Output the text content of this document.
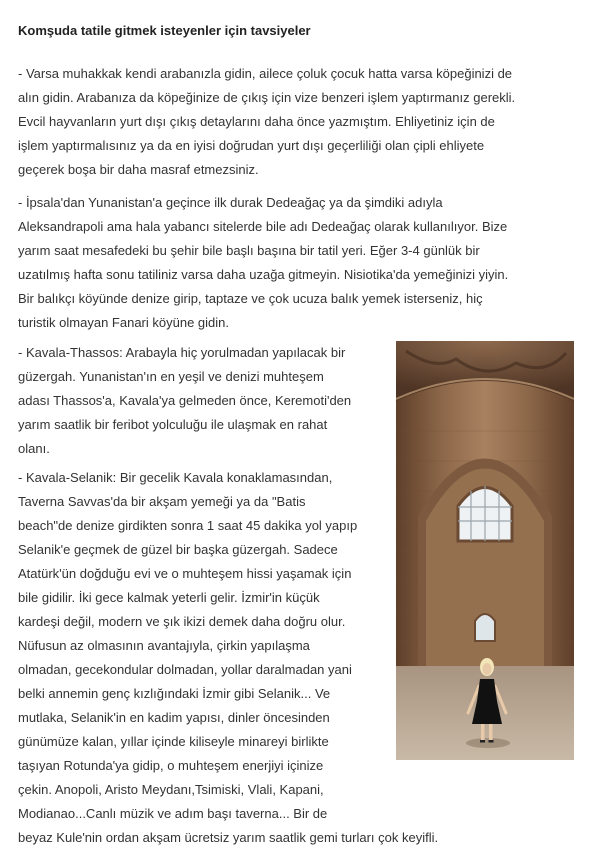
Komşuda tatile gitmek isteyenler için tavsiyeler
- Varsa muhakkak kendi arabanızla gidin, ailece çoluk çocuk hatta varsa köpeğinizi de
alın gidin. Arabanıza da köpeğinize de çıkış için vize benzeri işlem yaptırmanız gerekli.
Evcil hayvanların yurt dışı çıkış detaylarını daha önce yazmıştım. Ehliyetiniz için de
işlem yaptırmalısınız ya da en iyisi doğrudan yurt dışı geçerliliği olan çipli ehliyete
geçerek boşa bir daha masraf etmezsiniz.
- İpsala'dan Yunanistan'a geçince ilk durak Dedeağaç ya da şimdiki adıyla
Aleksandrapoli ama hala yabancı sitelerde bile adı Dedeağaç olarak kullanılıyor. Bize
yarım saat mesafedeki bu şehir bile başlı başına bir tatil yeri. Eğer 3-4 günlük bir
uzatılmış hafta sonu tatiliniz varsa daha uzağa gitmeyin. Nisiotika'da yemeğinizi yiyin.
Bir balıkçı köyünde denize girip, taptaze ve çok ucuza balık yemek isterseniz, hiç
turistik olmayan Fanari köyüne gidin.
- Kavala-Thassos: Arabayla hiç yorulmadan yapılacak bir
güzergah. Yunanistan'ın en yeşil ve denizi muhteşem
adası Thassos'a, Kavala'ya gelmeden önce, Keremoti'den
yarım saatlik bir feribot yolculuğu ile ulaşmak en rahat
olanı.
- Kavala-Selanik: Bir gecelik Kavala konaklamasından,
Taverna Savvas'da bir akşam yemeği ya da "Batis
beach"de denize girdikten sonra 1 saat 45 dakika yol yapıp
Selanik'e geçmek de güzel bir başka güzergah. Sadece
Atatürk'ün doğduğu evi ve o muhteşem hissi yaşamak için
bile gidilir. İki gece kalmak yeterli gelir. İzmir'in küçük
kardeşi değil, modern ve şık ikizi demek daha doğru olur.
Nüfusun az olmasının avantajıyla, çirkin yapılaşma
olmadan, gecekondular dolmadan, yollar daralmadan yani
belki annemin genç kızlığındaki İzmir gibi Selanik... Ve
mutlaka, Selanik'in en kadim yapısı, dinler öncesinden
günümüze kalan, yıllar içinde kiliseyle minareyi birlikte
taşıyan Rotunda'ya gidip, o muhteşem enerjiyi içinize
çekin. Anopoli, Aristo Meydanı,Tsimiski, Vlali, Kapani,
Modianao...Canlı müzik ve adım başı taverna... Bir de
beyaz Kule'nin ordan akşam ücretsiz yarım saatlik gemi turları çok keyifli.
